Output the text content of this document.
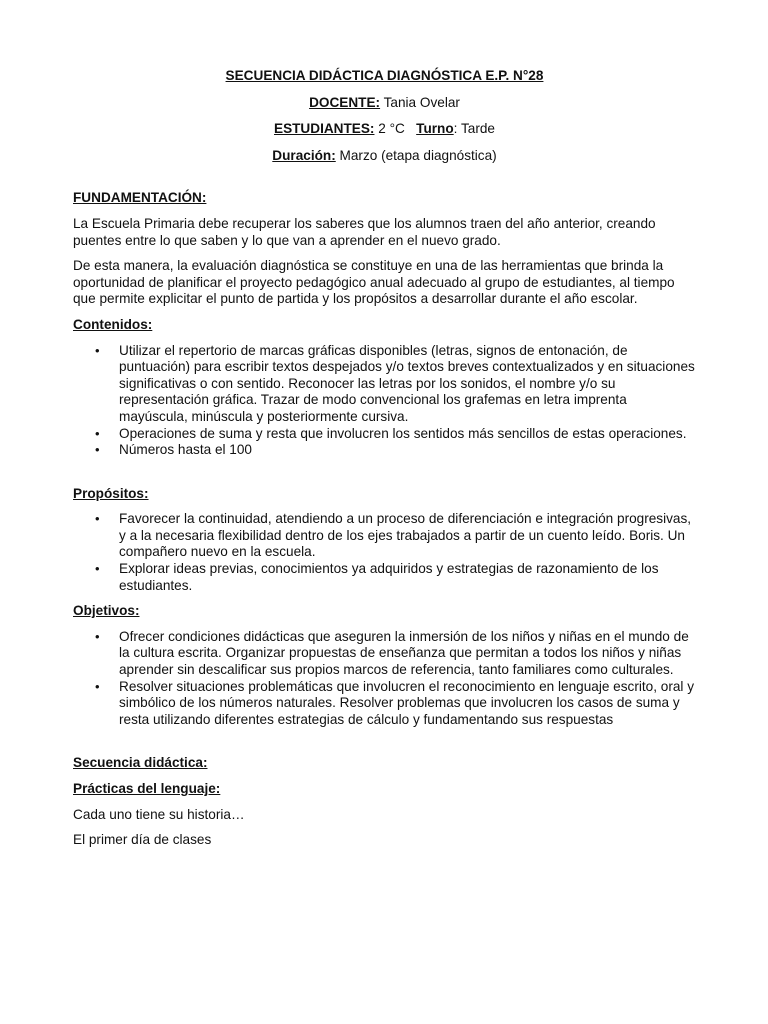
SECUENCIA DIDÁCTICA DIAGNÓSTICA E.P. N°28
DOCENTE: Tania Ovelar
ESTUDIANTES: 2 °C Turno: Tarde
Duración: Marzo (etapa diagnóstica)
FUNDAMENTACIÓN:

La Escuela Primaria debe recuperar los saberes que los alumnos traen del año anterior, creando puentes entre lo que saben y lo que van a aprender en el nuevo grado.

De esta manera, la evaluación diagnóstica se constituye en una de las herramientas que brinda la oportunidad de planificar el proyecto pedagógico anual adecuado al grupo de estudiantes, al tiempo que permite explicitar el punto de partida y los propósitos a desarrollar durante el año escolar.

Contenidos:
• Utilizar el repertorio de marcas gráficas disponibles (letras, signos de entonación, de puntuación) para escribir textos despejados y/o textos breves contextualizados y en situaciones significativas o con sentido. Reconocer las letras por los sonidos, el nombre y/o su representación gráfica. Trazar de modo convencional los grafemas en letra imprenta mayúscula, minúscula y posteriormente cursiva.
• Operaciones de suma y resta que involucren los sentidos más sencillos de estas operaciones.
• Números hasta el 100
Propósitos:
• Favorecer la continuidad, atendiendo a un proceso de diferenciación e integración progresivas, y a la necesaria flexibilidad dentro de los ejes trabajados a partir de un cuento leído. Boris. Un compañero nuevo en la escuela.
• Explorar ideas previas, conocimientos ya adquiridos y estrategias de razonamiento de los estudiantes.
Objetivos:
• Ofrecer condiciones didácticas que aseguren la inmersión de los niños y niñas en el mundo de la cultura escrita. Organizar propuestas de enseñanza que permitan a todos los niños y niñas aprender sin descalificar sus propios marcos de referencia, tanto familiares como culturales.
• Resolver situaciones problemáticas que involucren el reconocimiento en lenguaje escrito, oral y simbólico de los números naturales. Resolver problemas que involucren los casos de suma y resta utilizando diferentes estrategias de cálculo y fundamentando sus respuestas
Secuencia didáctica:
Prácticas del lenguaje:

Cada uno tiene su historia…

El primer día de clases
